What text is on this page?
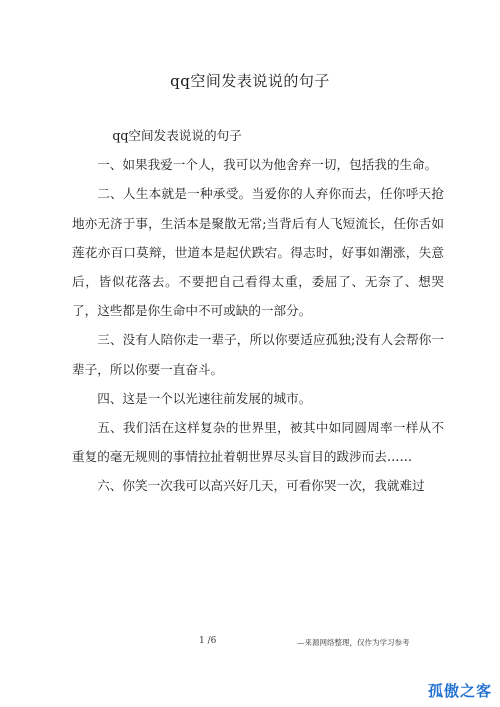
qq空间发表说说的句子

qq空间发表说说的句子

一、如果我爱一个人，我可以为他舍弃一切，包括我的生命。

二、人生本就是一种承受。当爱你的人弃你而去，任你呼天抢地亦无济于事，生活本是聚散无常;当背后有人飞短流长，任你舌如莲花亦百口莫辩，世道本是起伏跌宕。得志时，好事如潮涨，失意后，皆似花落去。不要把自己看得太重，委屈了、无奈了、想哭了，这些都是你生命中不可或缺的一部分。

三、没有人陪你走一辈子，所以你要适应孤独;没有人会帮你一辈子，所以你要一直奋斗。

四、这是一个以光速往前发展的城市。

五、我们活在这样复杂的世界里，被其中如同圆周率一样从不重复的毫无规则的事情拉扯着朝世界尽头盲目的跋涉而去……

六、你笑一次我可以高兴好几天，可看你哭一次，我就难过

1 /6	—来源网络整理，仅作为学习参考
孤傲之客
